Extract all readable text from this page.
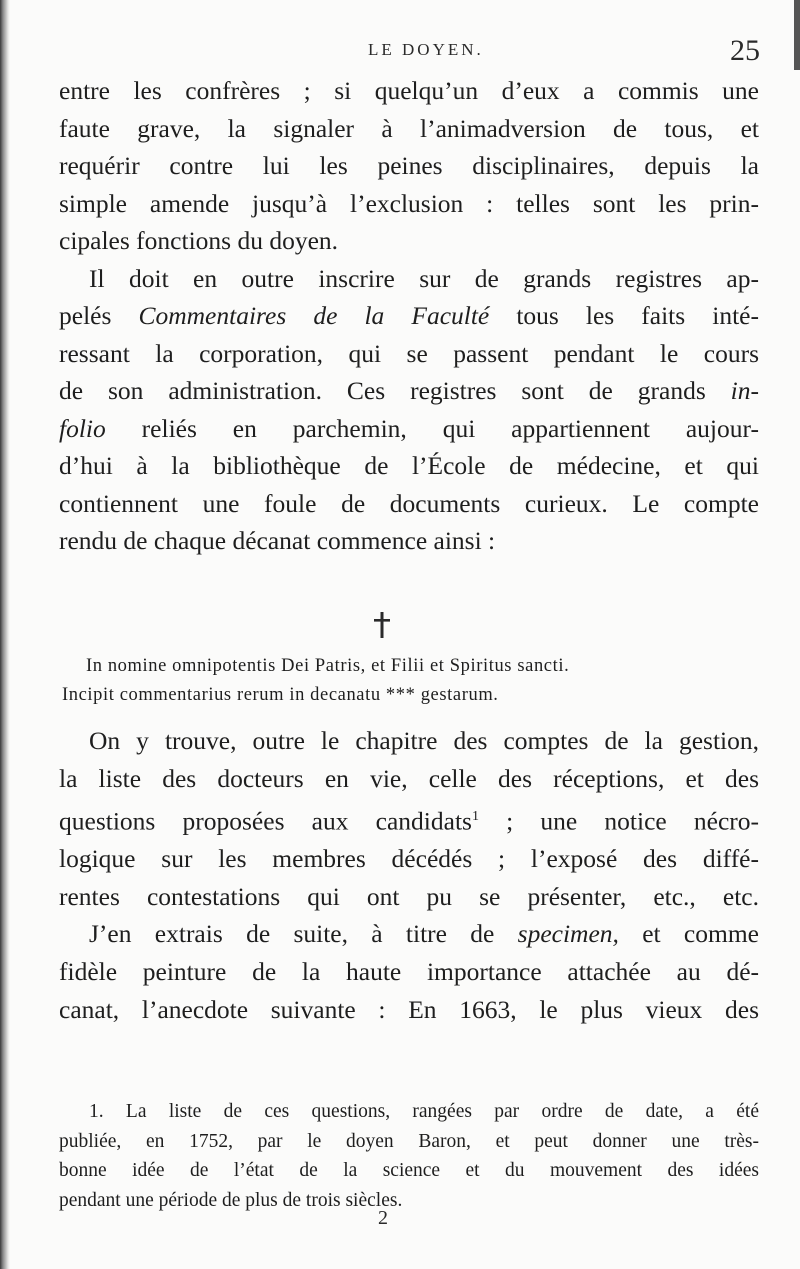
LE DOYEN.	25
entre les confrères ; si quelqu’un d’eux a commis une
faute grave, la signaler à l’animadversion de tous, et
requérir contre lui les peines disciplinaires, depuis la
simple amende jusqu’à l’exclusion : telles sont les prin-
cipales fonctions du doyen.
Il doit en outre inscrire sur de grands registres ap-
pelés Commentaires de la Faculté tous les faits inté-
ressant la corporation, qui se passent pendant le cours
de son administration. Ces registres sont de grands in-
folio reliés en parchemin, qui appartiennent aujour-
d’hui à la bibliothèque de l’École de médecine, et qui
contiennent une foule de documents curieux. Le compte
rendu de chaque décanat commence ainsi :
In nomine omnipotentis Dei Patris, et Filii et Spiritus sancti.
Incipit commentarius rerum in decanatu *** gestarum.
On y trouve, outre le chapitre des comptes de la gestion,
la liste des docteurs en vie, celle des réceptions, et des
questions proposées aux candidats$^1$ ; une notice nécro-
logique sur les membres décédés ; l’exposé des diffé-
rentes contestations qui ont pu se présenter, etc., etc.
J’en extrais de suite, à titre de specimen, et comme
fidèle peinture de la haute importance attachée au dé-
canat, l’anecdote suivante : En 1663, le plus vieux des
1. La liste de ces questions, rangées par ordre de date, a été
publiée, en 1752, par le doyen Baron, et peut donner une très-
bonne idée de l’état de la science et du mouvement des idées
pendant une période de plus de trois siècles.
2
